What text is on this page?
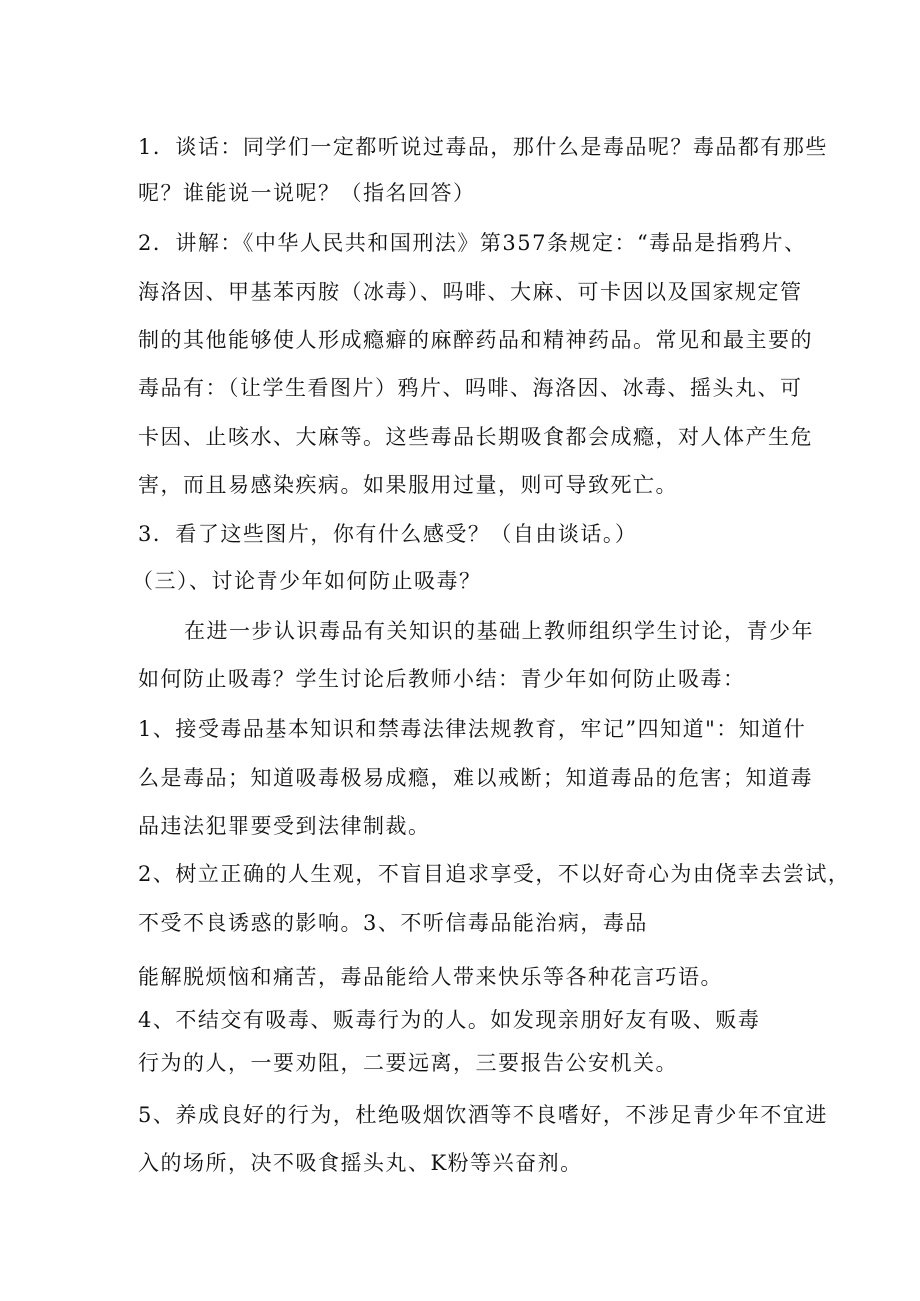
1．谈话：同学们一定都听说过毒品，那什么是毒品呢？毒品都有那些
呢？谁能说一说呢？（指名回答）
2．讲解：《中华人民共和国刑法》第357条规定：“毒品是指鸦片、
海洛因、甲基苯丙胺（冰毒）、吗啡、大麻、可卡因以及国家规定管
制的其他能够使人形成瘾癖的麻醉药品和精神药品。常见和最主要的
毒品有：（让学生看图片）鸦片、吗啡、海洛因、冰毒、摇头丸、可
卡因、止咳水、大麻等。这些毒品长期吸食都会成瘾，对人体产生危
害，而且易感染疾病。如果服用过量，则可导致死亡。
3．看了这些图片，你有什么感受？（自由谈话。）
（三）、讨论青少年如何防止吸毒？
在进一步认识毒品有关知识的基础上教师组织学生讨论，青少年
如何防止吸毒？学生讨论后教师小结：青少年如何防止吸毒：
1、接受毒品基本知识和禁毒法律法规教育，牢记”四知道"：知道什
么是毒品；知道吸毒极易成瘾，难以戒断；知道毒品的危害；知道毒
品违法犯罪要受到法律制裁。
2、树立正确的人生观，不盲目追求享受，不以好奇心为由侥幸去尝试，
不受不良诱惑的影响。3、不听信毒品能治病，毒品
能解脱烦恼和痛苦，毒品能给人带来快乐等各种花言巧语。
4、不结交有吸毒、贩毒行为的人。如发现亲朋好友有吸、贩毒
行为的人，一要劝阻，二要远离，三要报告公安机关。
5、养成良好的行为，杜绝吸烟饮酒等不良嗜好，不涉足青少年不宜进
入的场所，决不吸食摇头丸、K粉等兴奋剂。
